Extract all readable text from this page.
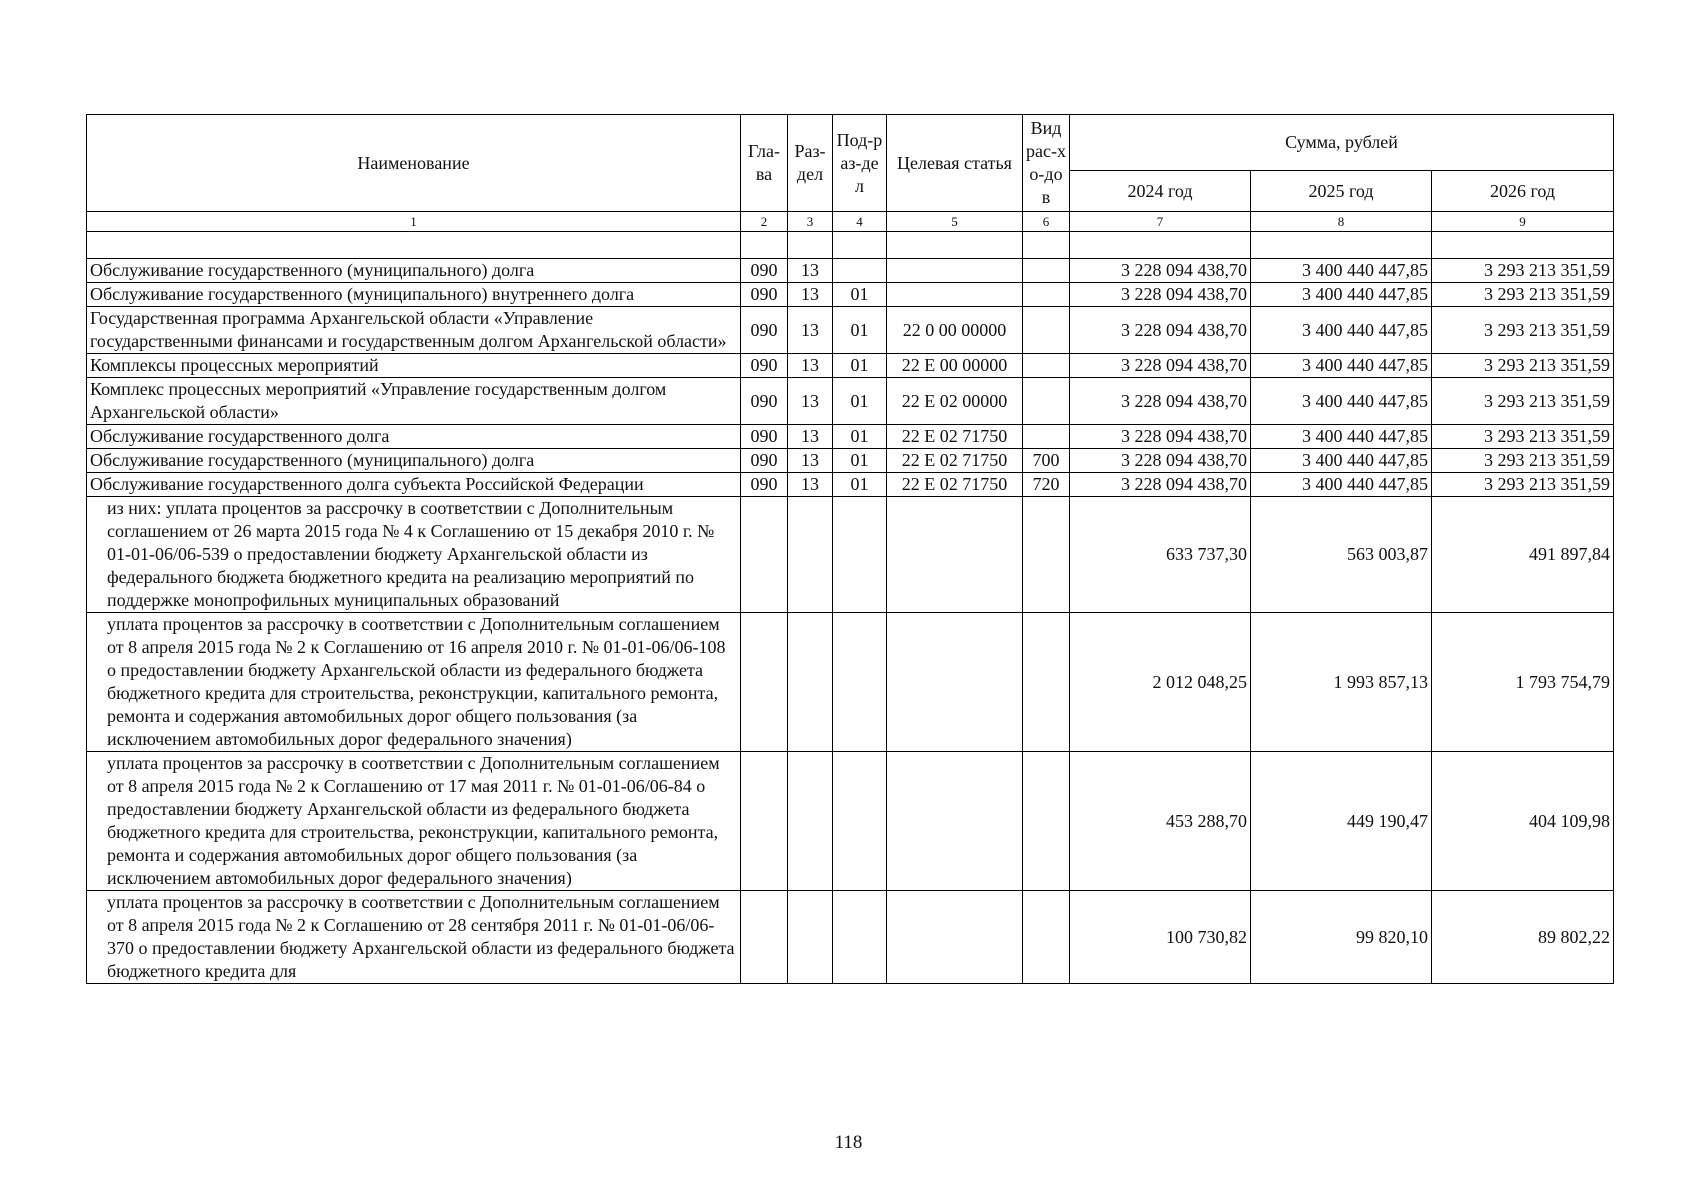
Наименование	Гла-ва	Раз-дел	Под-раз-дел	Целевая статья	Вид рас-хо-дов	Сумма, рублей		
						2024 год	2025 год	2026 год
1	2	3	4	5	6	7	8	9

Обслуживание государственного (муниципального) долга	090	13				3 228 094 438,70	3 400 440 447,85	3 293 213 351,59
Обслуживание государственного (муниципального) внутреннего долга	090	13	01			3 228 094 438,70	3 400 440 447,85	3 293 213 351,59
Государственная программа Архангельской области «Управление государственными финансами и государственным долгом Архангельской области»	090	13	01	22 0 00 00000		3 228 094 438,70	3 400 440 447,85	3 293 213 351,59
Комплексы процессных мероприятий	090	13	01	22 Е 00 00000		3 228 094 438,70	3 400 440 447,85	3 293 213 351,59
Комплекс процессных мероприятий «Управление государственным долгом Архангельской области»	090	13	01	22 Е 02 00000		3 228 094 438,70	3 400 440 447,85	3 293 213 351,59
Обслуживание государственного долга	090	13	01	22 Е 02 71750		3 228 094 438,70	3 400 440 447,85	3 293 213 351,59
Обслуживание государственного (муниципального) долга	090	13	01	22 Е 02 71750	700	3 228 094 438,70	3 400 440 447,85	3 293 213 351,59
Обслуживание государственного долга субъекта Российской Федерации	090	13	01	22 Е 02 71750	720	3 228 094 438,70	3 400 440 447,85	3 293 213 351,59
из них: уплата процентов за рассрочку в соответствии с Дополнительным соглашением от 26 марта 2015 года № 4 к Соглашению от 15 декабря 2010 г. № 01-01-06/06-539 о предоставлении бюджету Архангельской области из федерального бюджета бюджетного кредита на реализацию мероприятий по поддержке монопрофильных муниципальных образований						633 737,30	563 003,87	491 897,84
уплата процентов за рассрочку в соответствии с Дополнительным соглашением от 8 апреля 2015 года № 2 к Соглашению от 16 апреля 2010 г. № 01-01-06/06-108 о предоставлении бюджету Архангельской области из федерального бюджета бюджетного кредита для строительства, реконструкции, капитального ремонта, ремонта и содержания автомобильных дорог общего пользования (за исключением автомобильных дорог федерального значения)						2 012 048,25	1 993 857,13	1 793 754,79
уплата процентов за рассрочку в соответствии с Дополнительным соглашением от 8 апреля 2015 года № 2 к Соглашению от 17 мая 2011 г. № 01-01-06/06-84 о предоставлении бюджету Архангельской области из федерального бюджета бюджетного кредита для строительства, реконструкции, капитального ремонта, ремонта и содержания автомобильных дорог общего пользования (за исключением автомобильных дорог федерального значения)						453 288,70	449 190,47	404 109,98
уплата процентов за рассрочку в соответствии с Дополнительным соглашением от 8 апреля 2015 года № 2 к Соглашению от 28 сентября 2011 г. № 01-01-06/06-370 о предоставлении бюджету Архангельской области из федерального бюджета бюджетного кредита для						100 730,82	99 820,10	89 802,22
118
